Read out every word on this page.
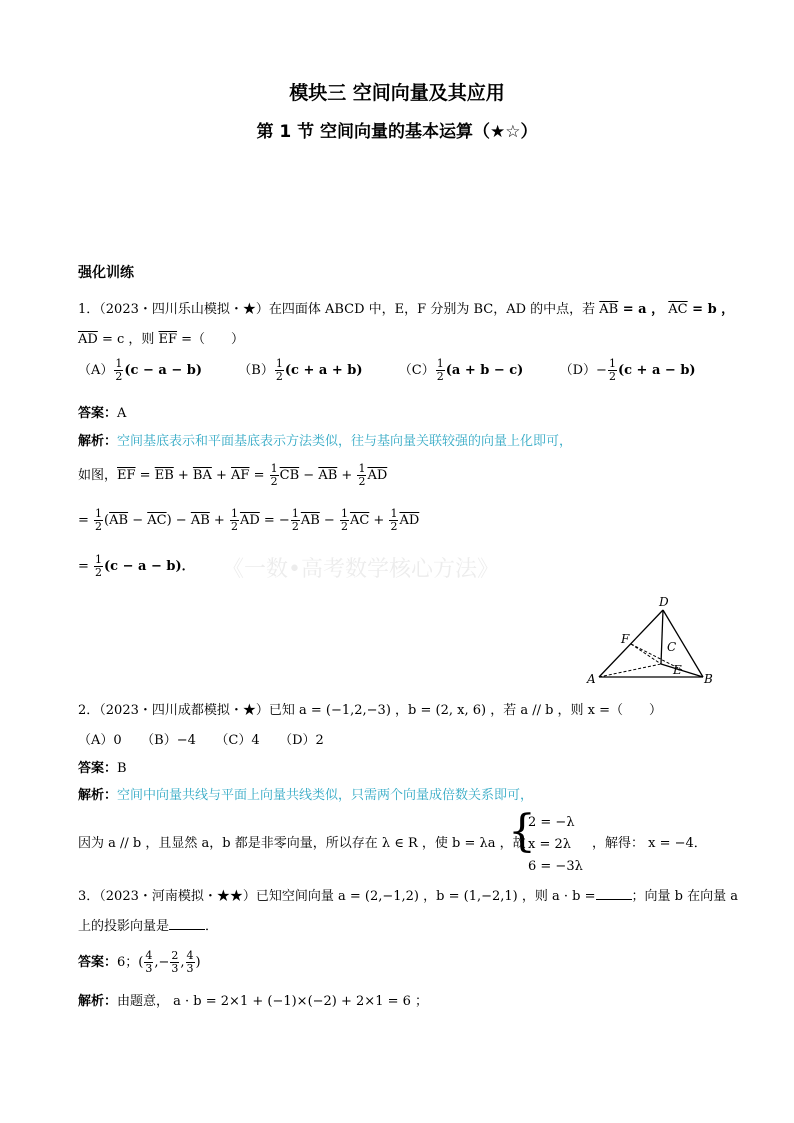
模块三 空间向量及其应用
第 1 节 空间向量的基本运算（★☆）
强化训练
《一数•高考数学核心方法》
1．（2023・四川乐山模拟・★）在四面体 ABCD 中，E，F 分别为 BC，AD 的中点，若 $\overline{AB} = a$ ， $\overline{AC} = b$ ，
$\overline{AD} = c$ ，则 $\overline{EF}$ =（　　）
$(A) \frac{1}{2} (c - a - b)$	$(B) \frac{1}{2} (c + a + b)$	$(C) \frac{1}{2} (a + b - c)$	$(D)- \frac{1}{2} (c + a - b)$
答案：A
解析：空间基底表示和平面基底表示方法类似，往与基向量关联较强的向量上化即可，
如图，$\overline{EF} = \overline{EB} + \overline{BA} + \overline{AF} = \frac{1}{2} \overline{CB} - \overline{AB} + \frac{1}{2} \overline{AD}$
= $\frac{1}{2} (\overline{AB} - \overline{AC}) - \overline{AB} + \frac{1}{2} \overline{AD}$ = − $\frac{1}{2} \overline{AB} - \frac{1}{2} \overline{AC} + \frac{1}{2} \overline{AD}$
= $\frac{1}{2} (c - a - b)$．
D
F
C
A
E
B
2．（2023・四川成都模拟・★）已知 a = (−1,2,−3) ，b = (2, x, 6) ，若 a // b ，则 x =（　　）
（A）0　　（B）−4　　（C）4　　（D）2
答案：B
解析：空间中向量共线与平面上向量共线类似，只需两个向量成倍数关系即可，
因为 a // b ，且显然 a，b 都是非零向量，所以存在 λ ∈ R ，使 b = λa ，故
{
2 = −λ
x = 2λ
6 = −3λ
，解得： x = −4．
3．（2023・河南模拟・★★）已知空间向量 a = (2,−1,2) ，b = (1,−2,1) ，则 a · b =	；向量 b 在向量 a
上的投影向量是	．
答案：6；( $\frac{4}{3}$ ,− $\frac{2}{3}$ , $\frac{4}{3}$ )
解析：由题意， a · b = 2×1 + (−1)×(−2) + 2×1 = 6 ；
